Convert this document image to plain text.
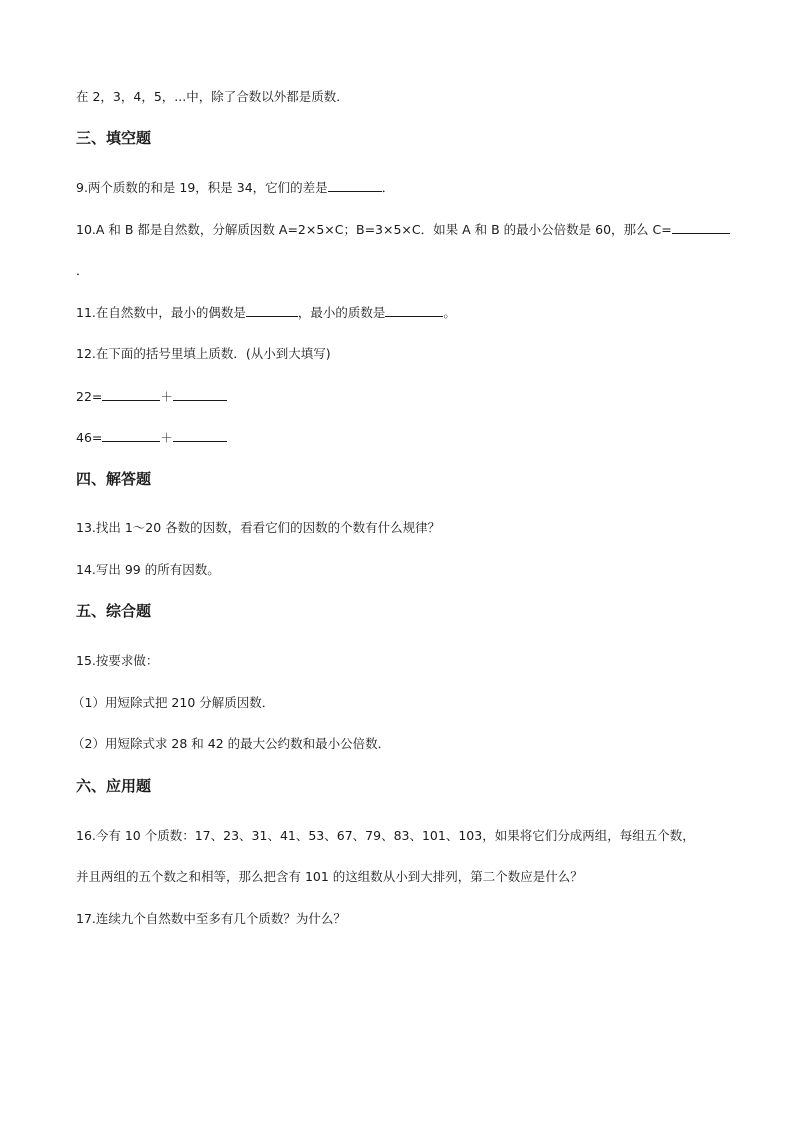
在 2，3，4，5，...中，除了合数以外都是质数．
三、填空题
9.两个质数的和是 19，积是 34，它们的差是	．
10.A 和 B 都是自然数，分解质因数 A=2×5×C；B=3×5×C．如果 A 和 B 的最小公倍数是 60，那么 C=
．
11.在自然数中，最小的偶数是	，最小的质数是	。
12.在下面的括号里填上质数．(从小到大填写)
22=	＋
46=	＋
四、解答题
13.找出 1～20 各数的因数，看看它们的因数的个数有什么规律？
14.写出 99 的所有因数。
五、综合题
15.按要求做：
（1）用短除式把 210 分解质因数．
（2）用短除式求 28 和 42 的最大公约数和最小公倍数．
六、应用题
16.今有 10 个质数：17、23、31、41、53、67、79、83、101、103，如果将它们分成两组，每组五个数，
并且两组的五个数之和相等，那么把含有 101 的这组数从小到大排列，第二个数应是什么？
17.连续九个自然数中至多有几个质数？为什么？
